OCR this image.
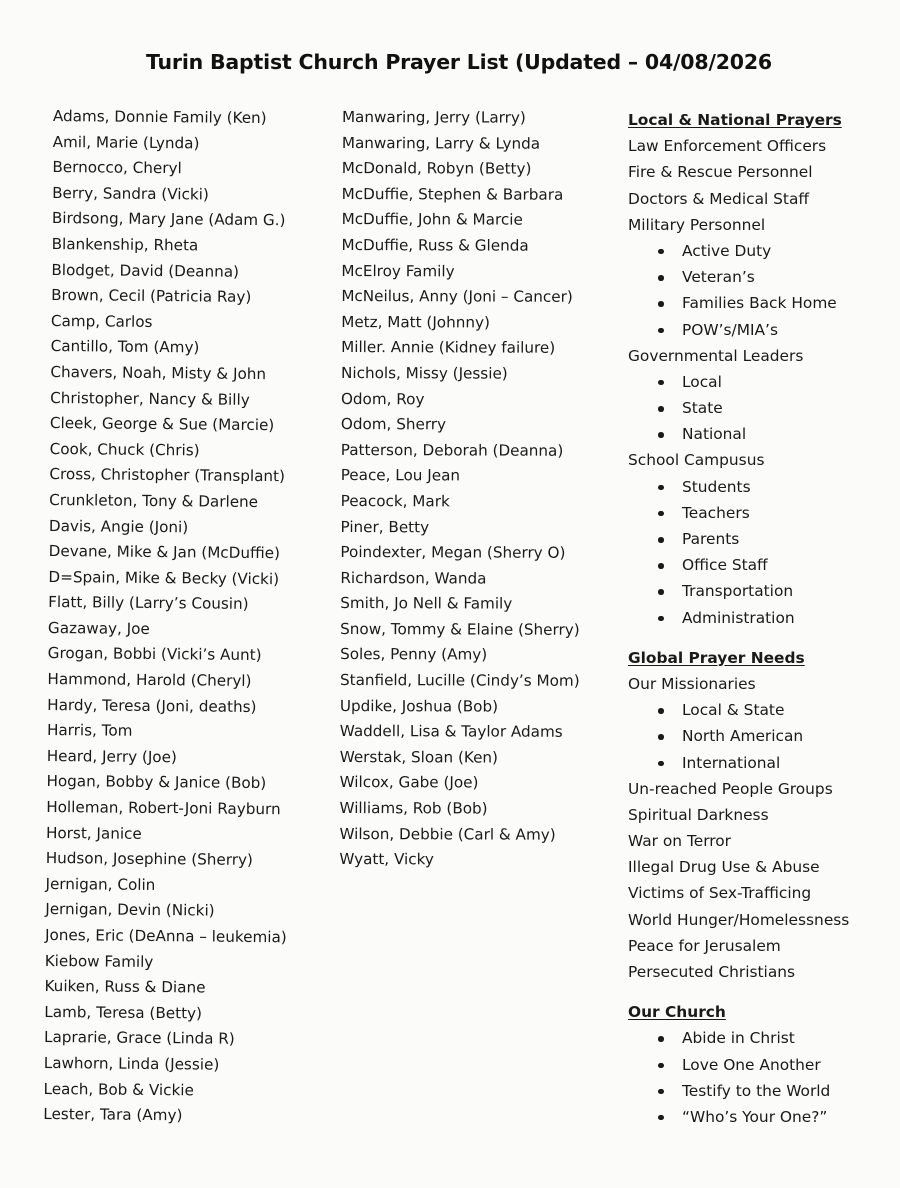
Turin Baptist Church Prayer List (Updated – 04/08/2026
Adams, Donnie Family (Ken)
Amil, Marie (Lynda)
Bernocco, Cheryl
Berry, Sandra (Vicki)
Birdsong, Mary Jane (Adam G.)
Blankenship, Rheta
Blodget, David (Deanna)
Brown, Cecil (Patricia Ray)
Camp, Carlos
Cantillo, Tom (Amy)
Chavers, Noah, Misty & John
Christopher, Nancy & Billy
Cleek, George & Sue (Marcie)
Cook, Chuck (Chris)
Cross, Christopher (Transplant)
Crunkleton, Tony & Darlene
Davis, Angie (Joni)
Devane, Mike & Jan (McDuffie)
D=Spain, Mike & Becky (Vicki)
Flatt, Billy (Larry’s Cousin)
Gazaway, Joe
Grogan, Bobbi (Vicki’s Aunt)
Hammond, Harold (Cheryl)
Hardy, Teresa (Joni, deaths)
Harris, Tom
Heard, Jerry (Joe)
Hogan, Bobby & Janice (Bob)
Holleman, Robert-Joni Rayburn
Horst, Janice
Hudson, Josephine (Sherry)
Jernigan, Colin
Jernigan, Devin (Nicki)
Jones, Eric (DeAnna – leukemia)
Kiebow Family
Kuiken, Russ & Diane
Lamb, Teresa (Betty)
Laprarie, Grace (Linda R)
Lawhorn, Linda (Jessie)
Leach, Bob & Vickie
Lester, Tara (Amy)
Manwaring, Jerry (Larry)
Manwaring, Larry & Lynda
McDonald, Robyn (Betty)
McDuffie, Stephen & Barbara
McDuffie, John & Marcie
McDuffie, Russ & Glenda
McElroy Family
McNeilus, Anny (Joni – Cancer)
Metz, Matt (Johnny)
Miller. Annie (Kidney failure)
Nichols, Missy (Jessie)
Odom, Roy
Odom, Sherry
Patterson, Deborah (Deanna)
Peace, Lou Jean
Peacock, Mark
Piner, Betty
Poindexter, Megan (Sherry O)
Richardson, Wanda
Smith, Jo Nell & Family
Snow, Tommy & Elaine (Sherry)
Soles, Penny (Amy)
Stanfield, Lucille (Cindy’s Mom)
Updike, Joshua (Bob)
Waddell, Lisa & Taylor Adams
Werstak, Sloan (Ken)
Wilcox, Gabe (Joe)
Williams, Rob (Bob)
Wilson, Debbie (Carl & Amy)
Wyatt, Vicky
Local & National Prayers
Law Enforcement Officers
Fire & Rescue Personnel
Doctors & Medical Staff
Military Personnel
Active Duty
Veteran’s
Families Back Home
POW’s/MIA’s
Governmental Leaders
Local
State
National
School Campusus
Students
Teachers
Parents
Office Staff
Transportation
Administration
Global Prayer Needs
Our Missionaries
Local & State
North American
International
Un-reached People Groups
Spiritual Darkness
War on Terror
Illegal Drug Use & Abuse
Victims of Sex-Trafficing
World Hunger/Homelessness
Peace for Jerusalem
Persecuted Christians
Our Church
Abide in Christ
Love One Another
Testify to the World
“Who’s Your One?”
